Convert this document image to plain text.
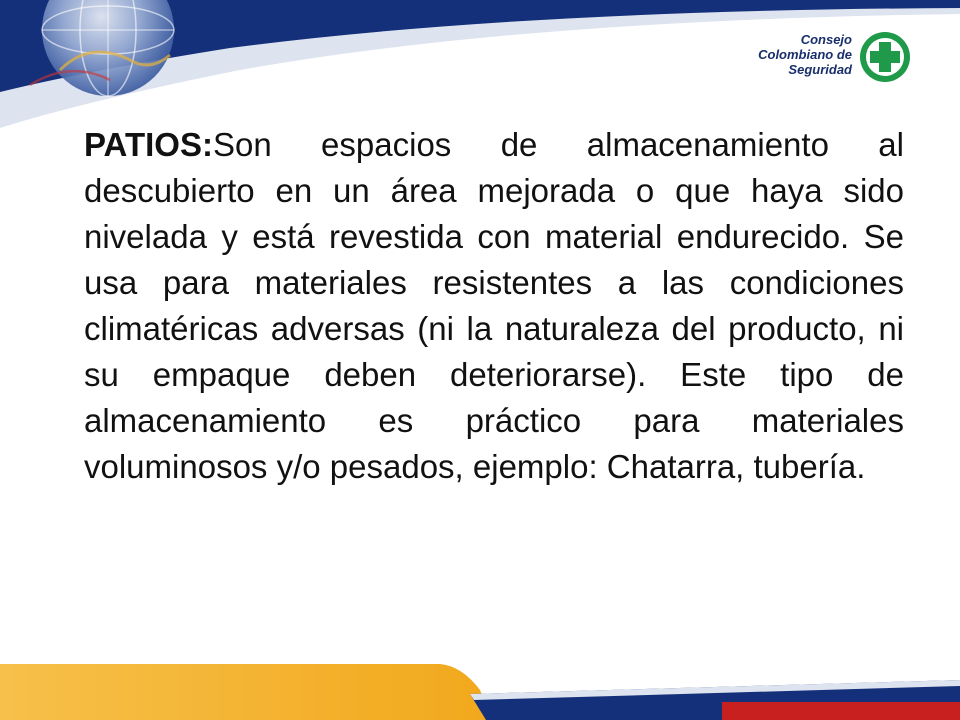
Consejo
Colombiano de
Seguridad
PATIOS:Son espacios de almacenamiento al descubierto en un área mejorada o que haya sido nivelada y está revestida con material endurecido. Se usa para materiales resistentes a las condiciones climatéricas adversas (ni la naturaleza del producto, ni su empaque deben deteriorarse). Este tipo de almacenamiento es práctico para materiales voluminosos y/o pesados, ejemplo: Chatarra, tubería.
